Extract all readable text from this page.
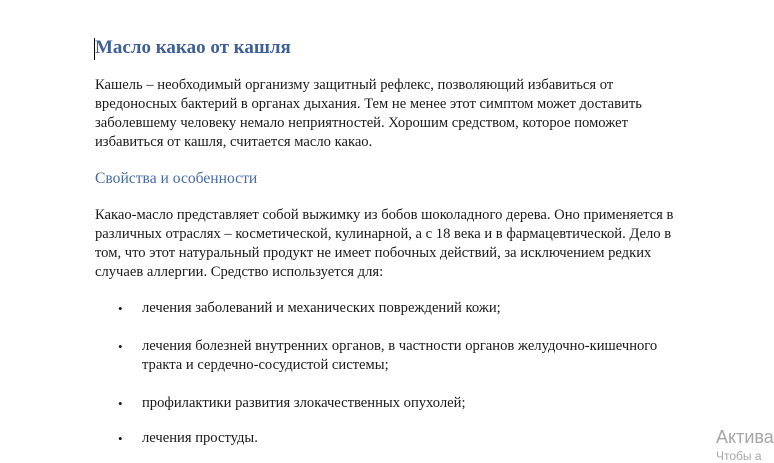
Масло какао от кашля

Кашель – необходимый организму защитный рефлекс, позволяющий избавиться от вредоносных бактерий в органах дыхания. Тем не менее этот симптом может доставить заболевшему человеку немало неприятностей. Хорошим средством, которое поможет избавиться от кашля, считается масло какао.

Свойства и особенности

Какао-масло представляет собой выжимку из бобов шоколадного дерева. Оно применяется в различных отраслях – косметической, кулинарной, а с 18 века и в фармацевтической. Дело в том, что этот натуральный продукт не имеет побочных действий, за исключением редких случаев аллергии. Средство используется для:

•	лечения заболеваний и механических повреждений кожи;
•	лечения болезней внутренних органов, в частности органов желудочно-кишечного тракта и сердечно-сосудистой системы;
•	профилактики развития злокачественных опухолей;
•	лечения простуды.	Актива
Чтобы а
